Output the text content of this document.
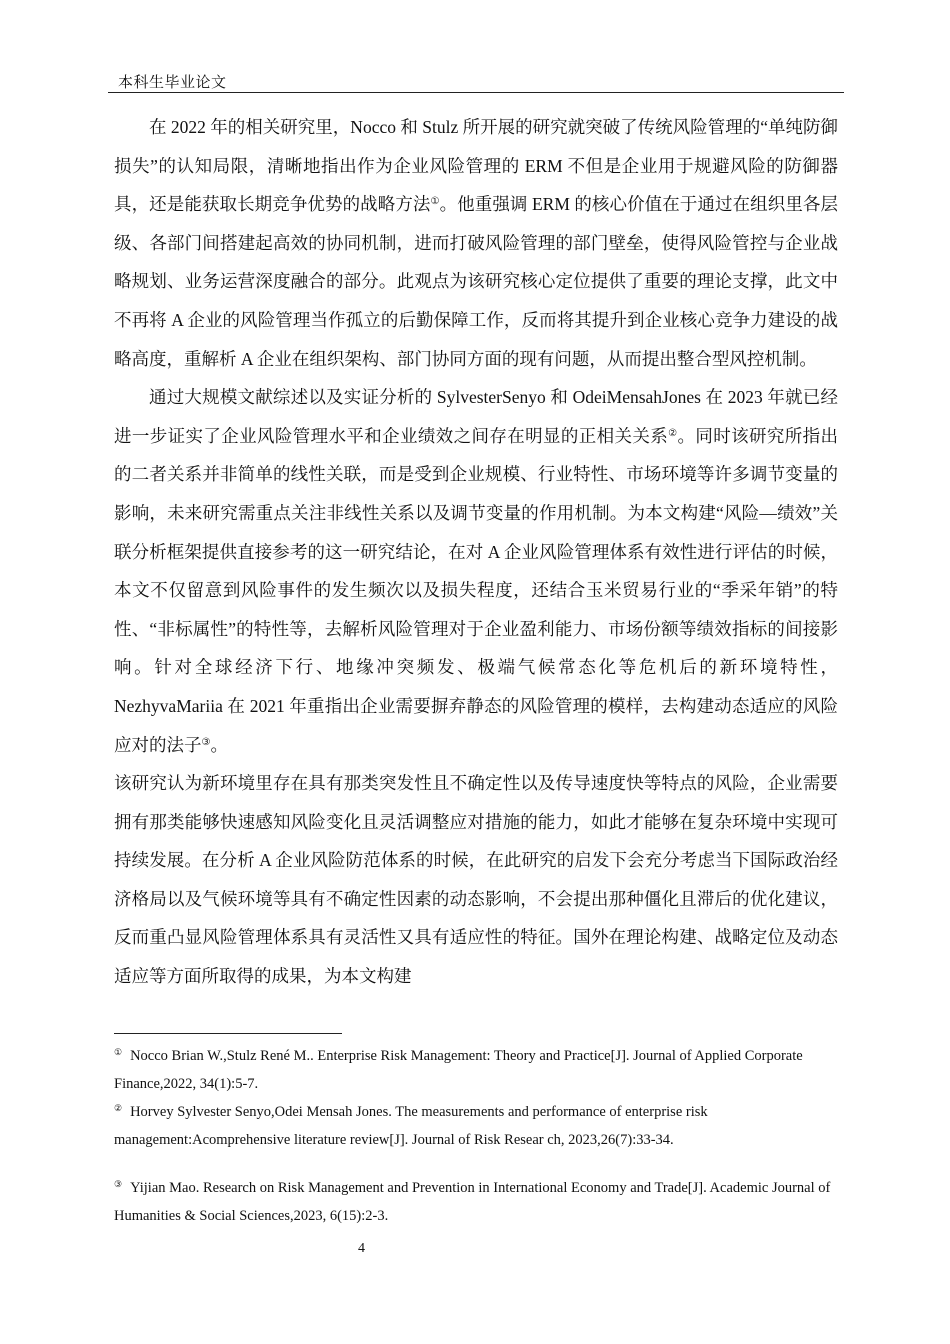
本科生毕业论文

在 2022 年的相关研究里，Nocco 和 Stulz 所开展的研究就突破了传统风险管理的“单纯防御损失”的认知局限，清晰地指出作为企业风险管理的 ERM 不但是企业用于规避风险的防御器具，还是能获取长期竞争优势的战略方法①。他重强调 ERM 的核心价值在于通过在组织里各层级、各部门间搭建起高效的协同机制，进而打破风险管理的部门壁垒，使得风险管控与企业战略规划、业务运营深度融合的部分。此观点为该研究核心定位提供了重要的理论支撑，此文中不再将 A 企业的风险管理当作孤立的后勤保障工作，反而将其提升到企业核心竞争力建设的战略高度，重解析 A 企业在组织架构、部门协同方面的现有问题，从而提出整合型风控机制。

通过大规模文献综述以及实证分析的 SylvesterSenyo 和 OdeiMensahJones 在 2023 年就已经进一步证实了企业风险管理水平和企业绩效之间存在明显的正相关关系②。同时该研究所指出的二者关系并非简单的线性关联，而是受到企业规模、行业特性、市场环境等许多调节变量的影响，未来研究需重点关注非线性关系以及调节变量的作用机制。为本文构建“风险—绩效”关联分析框架提供直接参考的这一研究结论，在对 A 企业风险管理体系有效性进行评估的时候，本文不仅留意到风险事件的发生频次以及损失程度，还结合玉米贸易行业的“季采年销”的特性、“非标属性”的特性等，去解析风险管理对于企业盈利能力、市场份额等绩效指标的间接影响。针对全球经济下行、地缘冲突频发、极端气候常态化等危机后的新环境特性，NezhyvaMariia 在 2021 年重指出企业需要摒弃静态的风险管理的模样，去构建动态适应的风险应对的法子③。

该研究认为新环境里存在具有那类突发性且不确定性以及传导速度快等特点的风险，企业需要拥有那类能够快速感知风险变化且灵活调整应对措施的能力，如此才能够在复杂环境中实现可持续发展。在分析 A 企业风险防范体系的时候，在此研究的启发下会充分考虑当下国际政治经济格局以及气候环境等具有不确定性因素的动态影响，不会提出那种僵化且滞后的优化建议，反而重凸显风险管理体系具有灵活性又具有适应性的特征。国外在理论构建、战略定位及动态适应等方面所取得的成果，为本文构建

① Nocco Brian W.,Stulz René M.. Enterprise Risk Management: Theory and Practice[J]. Journal of Applied Corporate Finance,2022, 34(1):5-7.

② Horvey Sylvester Senyo,Odei Mensah Jones. The measurements and performance of enterprise risk management:Acomprehensive literature review[J]. Journal of Risk Resear ch, 2023,26(7):33-34.

③ Yijian Mao. Research on Risk Management and Prevention in International Economy and Trade[J]. Academic Journal of Humanities & Social Sciences,2023, 6(15):2-3.

4
